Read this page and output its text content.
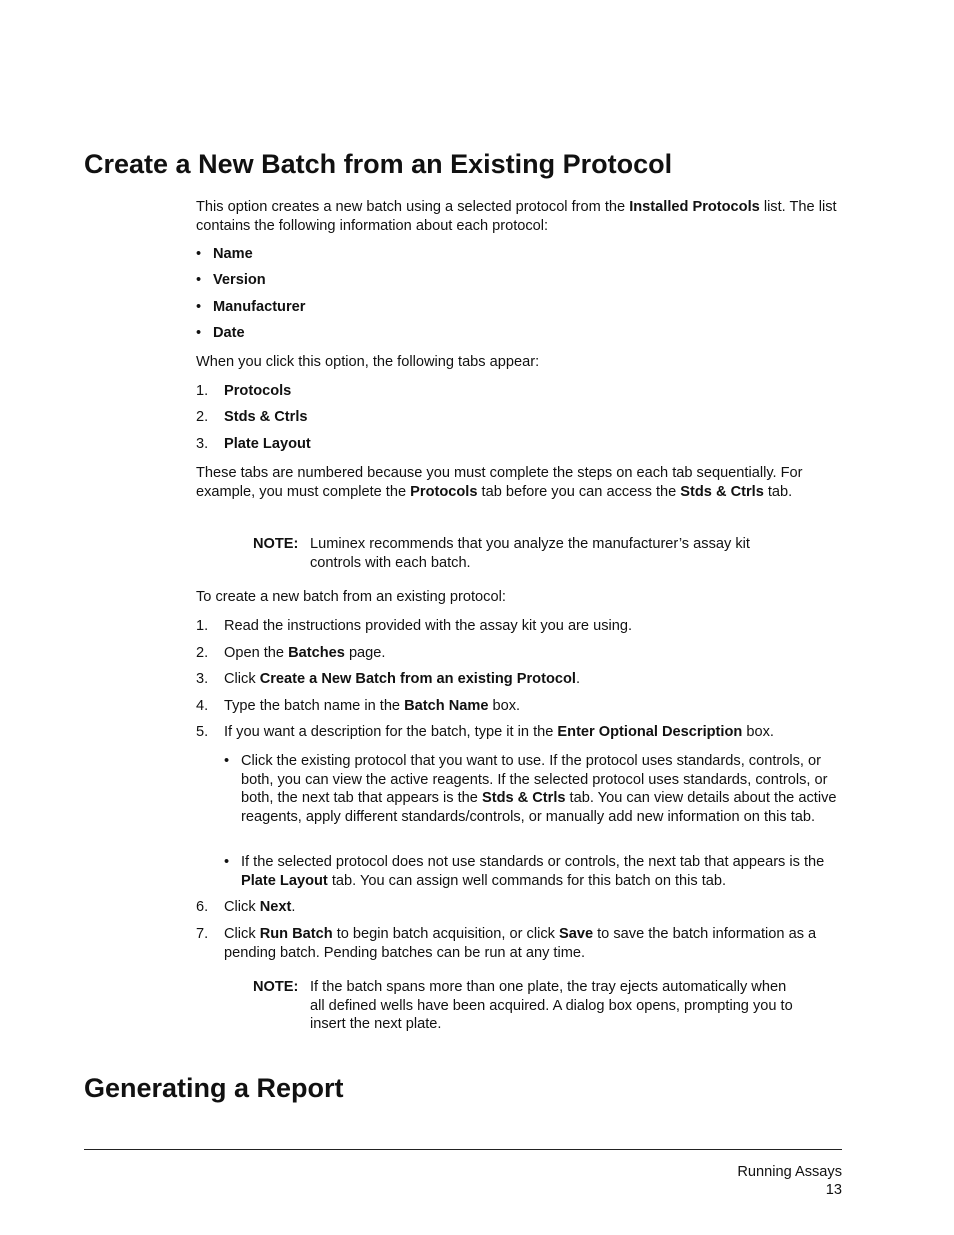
Create a New Batch from an Existing Protocol

This option creates a new batch using a selected protocol from the Installed Protocols list. The list contains the following information about each protocol:

• Name
• Version
• Manufacturer
• Date

When you click this option, the following tabs appear:

1. Protocols
2. Stds & Ctrls
3. Plate Layout

These tabs are numbered because you must complete the steps on each tab sequentially. For example, you must complete the Protocols tab before you can access the Stds & Ctrls tab.

NOTE: Luminex recommends that you analyze the manufacturer’s assay kit controls with each batch.

To create a new batch from an existing protocol:

1. Read the instructions provided with the assay kit you are using.
2. Open the Batches page.
3. Click Create a New Batch from an existing Protocol.
4. Type the batch name in the Batch Name box.
5. If you want a description for the batch, type it in the Enter Optional Description box.
• Click the existing protocol that you want to use. If the protocol uses standards, controls, or both, you can view the active reagents. If the selected protocol uses standards, controls, or both, the next tab that appears is the Stds & Ctrls tab. You can view details about the active reagents, apply different standards/controls, or manually add new information on this tab.
• If the selected protocol does not use standards or controls, the next tab that appears is the Plate Layout tab. You can assign well commands for this batch on this tab.
6. Click Next.
7. Click Run Batch to begin batch acquisition, or click Save to save the batch information as a pending batch. Pending batches can be run at any time.
NOTE: If the batch spans more than one plate, the tray ejects automatically when all defined wells have been acquired. A dialog box opens, prompting you to insert the next plate.
Generating a Report
Running Assays
13
